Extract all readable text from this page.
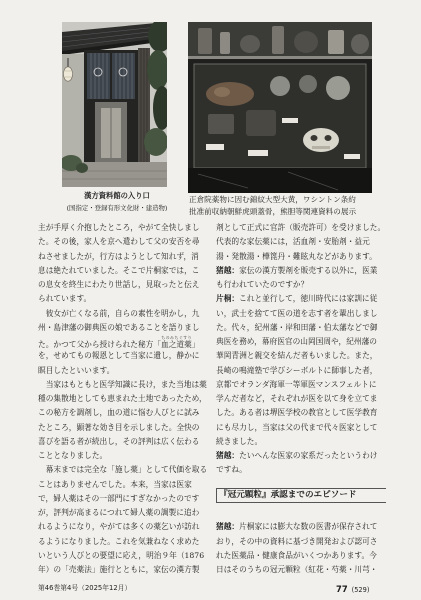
漢方資料館の入り口
(国指定・登録有形文化財・建造物)
正倉院薬物に因む錦紋大型大黄，ワシントン条約
批准前収納朝鮮虎頭蓋骨，熊胆等関連資料の展示
主が手厚く介抱したところ，やがて全快しまし
た。その後，家人を京へ遣わして父の安否を尋
ねさせましたが，行方はようとして知れず，消
息は絶たれていました。そこで片桐家では，こ
の息女を終生にわたり世話し，見取ったと伝え
られています。
　彼女が亡くなる前，自らの素性を明かし，九
州・島津藩の御典医の娘であることを語りまし
た。かつて父から授けられた秘方「血之道薬ちのみちぐすり」
を，せめてもの報恩として当家に遺し，静かに
瞑目したといいます。
　当家はもともと医学知識に長け，また当地は薬
種の集散地としても恵まれた土地であったため，
この秘方を調剤し，血の道に悩む人びとに試み
たところ，顕著な効き目を示しました。全快の
喜びを語る者が続出し，その評判は広く伝わる
こととなりました。
　幕末までは完全な「施し薬」として代価を取る
ことはありませんでした。本来，当家は医家
で，婦人薬はその一部門にすぎなかったのです
が，評判が高まるにつれて婦人薬の調製に追わ
れるようになり，やがては多くの薬乞いが訪れ
るようになりました。これを気兼ねなく求めた
いという人びとの要望に応え，明治９年（1876
年）の「売薬法」施行とともに，家伝の漢方製
剤として正式に官許（販売許可）を受けました。
代表的な家伝薬には，活血剤・安胎剤・益元
湯・発散湯・樺箆丹・難眩丸などがあります。
猪越：家伝の漢方製剤を販売する以外に，医業
も行われていたのですか？
片桐：これと並行して，徳川時代には家訓に従
い，武士を捨てて医の道を志す者を輩出しまし
た。代々，紀州藩・岸和田藩・伯太藩などで御
典医を務め，幕府医官の山岡国周や，紀州藩の
華岡青洲と親交を結んだ者もいました。また，
長崎の鳴滝塾で学びシーボルトに師事した者，
京都でオランダ海軍一等軍医マンスフェルトに
学んだ者など，それぞれが医を以て身を立てま
した。ある者は堺医学校の教官として医学教育
にも尽力し，当家は父の代まで代々医家として
続きました。
猪越：たいへんな医家の家系だったというわけ
ですね。
『冠元顆粒』承認までのエピソード
猪越：片桐家には膨大な数の医書が保存されて
おり，その中の資料に基づき開発および認可さ
れた医薬品・健康食品がいくつかあります。今
日はそのうちの冠元顆粒（紅花・芍薬・川芎・
第46巻第4号（2025年12月）	77 (529)
